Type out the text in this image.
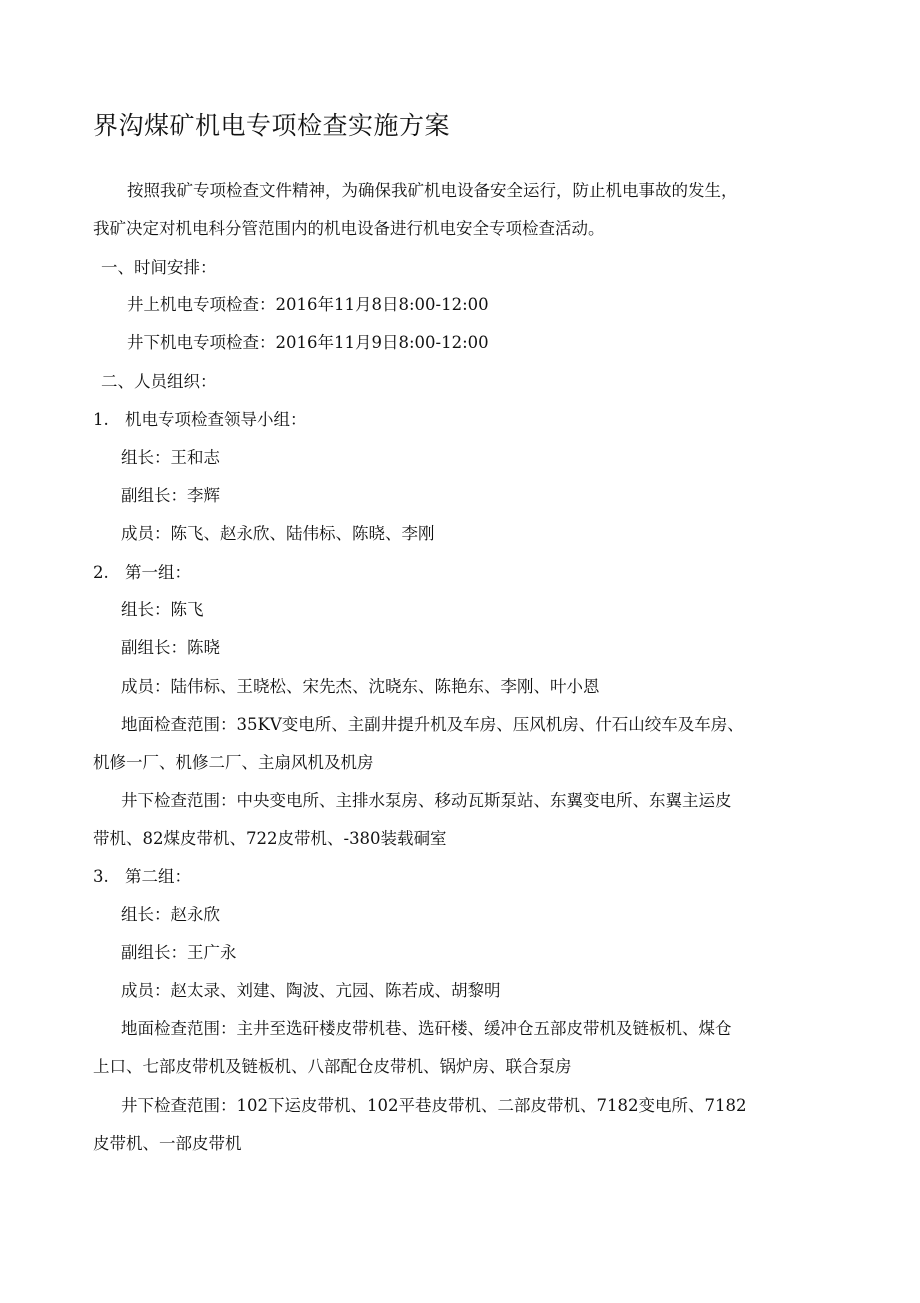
界沟煤矿机电专项检查实施方案

按照我矿专项检查文件精神，为确保我矿机电设备安全运行，防止机电事故的发生，

我矿决定对机电科分管范围内的机电设备进行机电安全专项检查活动。

一、时间安排：

井上机电专项检查：2016年11月8日8:00-12:00

井下机电专项检查：2016年11月9日8:00-12:00

二、人员组织：

1. 机电专项检查领导小组：

组长：王和志

副组长：李辉

成员：陈飞、赵永欣、陆伟标、陈晓、李刚

2. 第一组：

组长：陈飞

副组长：陈晓

成员：陆伟标、王晓松、宋先杰、沈晓东、陈艳东、李刚、叶小恩

地面检查范围：35KV变电所、主副井提升机及车房、压风机房、什石山绞车及车房、

机修一厂、机修二厂、主扇风机及机房

井下检查范围：中央变电所、主排水泵房、移动瓦斯泵站、东翼变电所、东翼主运皮

带机、82煤皮带机、722皮带机、-380装载硐室

3. 第二组：

组长：赵永欣

副组长：王广永

成员：赵太录、刘建、陶波、亢园、陈若成、胡黎明

地面检查范围：主井至选矸楼皮带机巷、选矸楼、缓冲仓五部皮带机及链板机、煤仓

上口、七部皮带机及链板机、八部配仓皮带机、锅炉房、联合泵房

井下检查范围：102下运皮带机、102平巷皮带机、二部皮带机、7182变电所、7182

皮带机、一部皮带机
